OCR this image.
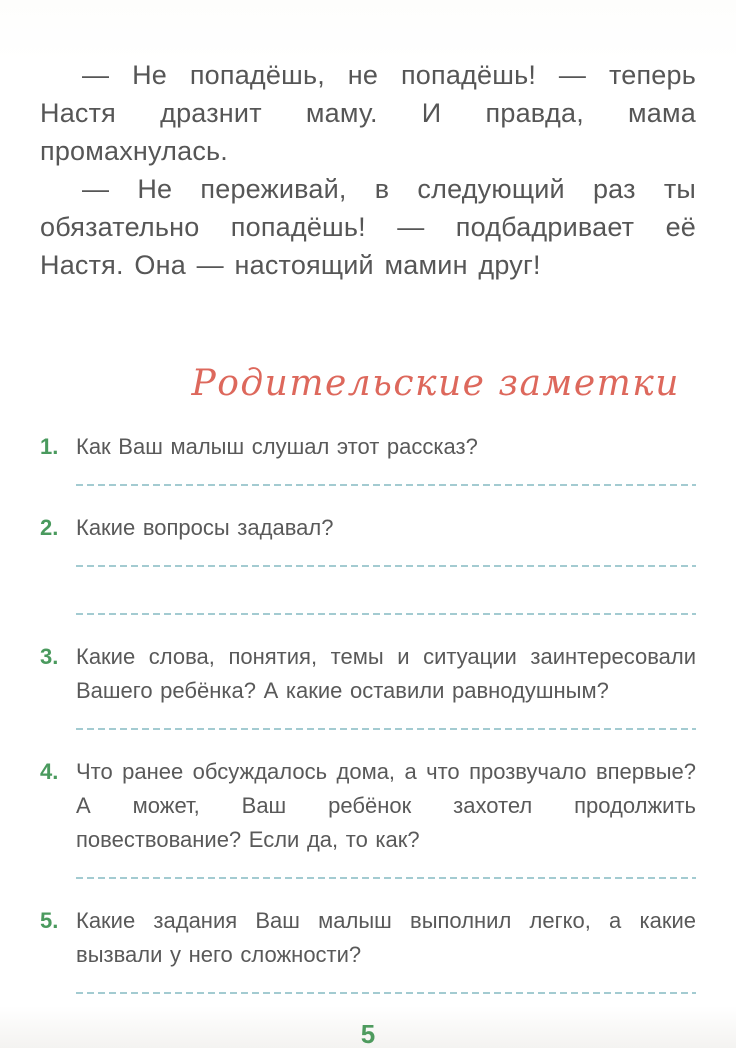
— Не попадёшь, не попадёшь! — теперь Настя дразнит маму. И правда, мама промахнулась.

— Не переживай, в следующий раз ты обязательно попадёшь! — подбадривает её Настя. Она — настоящий мамин друг!

Родительские заметки
1. Как Ваш малыш слушал этот рассказ?

2. Какие вопросы задавал?

3. Какие слова, понятия, темы и ситуации заинтересовали Вашего ребёнка? А какие оставили равнодушным?

4. Что ранее обсуждалось дома, а что прозвучало впервые? А может, Ваш ребёнок захотел продолжить повествование? Если да, то как?

5. Какие задания Ваш малыш выполнил легко, а какие вызвали у него сложности?

5
